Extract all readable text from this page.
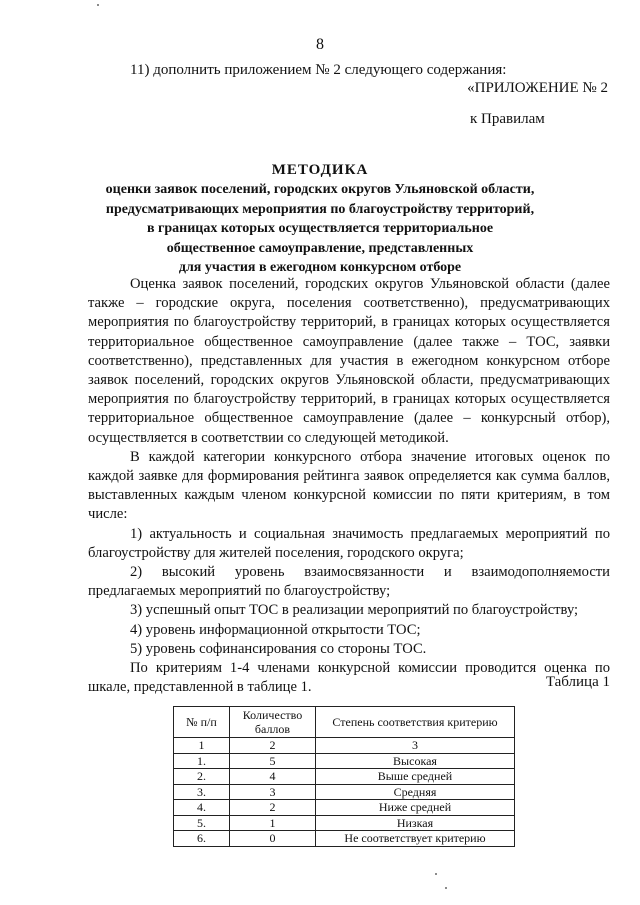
8
11) дополнить приложением № 2 следующего содержания:
«ПРИЛОЖЕНИЕ № 2
к Правилам
МЕТОДИКА
оценки заявок поселений, городских округов Ульяновской области,
предусматривающих мероприятия по благоустройству территорий,
в границах которых осуществляется территориальное
общественное самоуправление, представленных
для участия в ежегодном конкурсном отборе

Оценка заявок поселений, городских округов Ульяновской области (далее также – городские округа, поселения соответственно), предусматривающих мероприятия по благоустройству территорий, в границах которых осуществляется территориальное общественное самоуправление (далее также – ТОС, заявки соответственно), представленных для участия в ежегодном конкурсном отборе заявок поселений, городских округов Ульяновской области, предусматривающих мероприятия по благоустройству территорий, в границах которых осуществляется территориальное общественное самоуправление (далее – конкурсный отбор), осуществляется в соответствии со следующей методикой.

В каждой категории конкурсного отбора значение итоговых оценок по каждой заявке для формирования рейтинга заявок определяется как сумма баллов, выставленных каждым членом конкурсной комиссии по пяти критериям, в том числе:

1) актуальность и социальная значимость предлагаемых мероприятий по благоустройству для жителей поселения, городского округа;

2) высокий уровень взаимосвязанности и взаимодополняемости предлагаемых мероприятий по благоустройству;

3) успешный опыт ТОС в реализации мероприятий по благоустройству;

4) уровень информационной открытости ТОС;

5) уровень софинансирования со стороны ТОС.

По критериям 1-4 членами конкурсной комиссии проводится оценка по шкале, представленной в таблице 1.	Таблица 1
№ п/п	Количество баллов	Степень соответствия критерию
1	2	3
1.	5	Высокая
2.	4	Выше средней
3.	3	Средняя
4.	2	Ниже средней
5.	1	Низкая
6.	0	Не соответствует критерию
